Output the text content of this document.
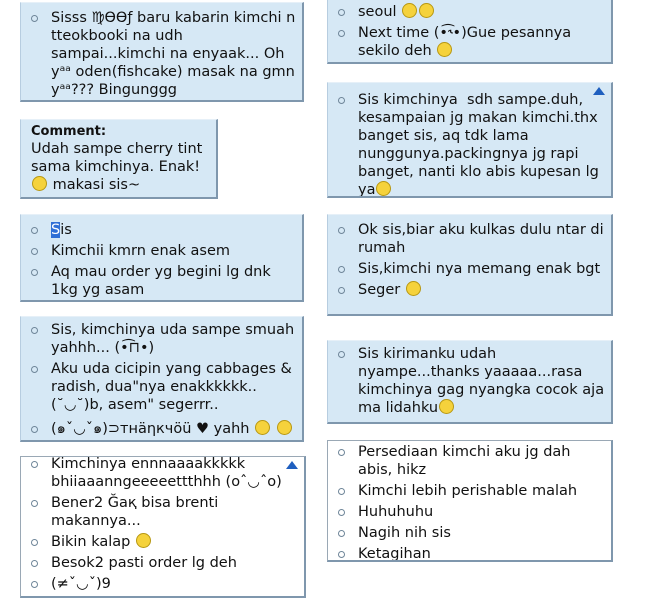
Sisss ♍ӨӨƒ baru kabarin kimchi n tteokbooki na udh sampai...kimchi na enyaak... Oh yᵃᵃ oden(fishcake) masak na gmn yᵃᵃ??? Bingunggg
seoul
Next time (•͡˞•)Gue pesannya sekilo deh
Comment:
Udah sampe cherry tint sama kimchinya. Enak!
makasi sis~
Sis kimchinya  sdh sampe.duh, kesampaian jg makan kimchi.thx banget sis, aq tdk lama nunggunya.packingnya jg rapi banget, nanti klo abis kupesan lg ya
Sis
Kimchii kmrn enak asem
Aq mau order yg begini lg dnk 1kg yg asam
Ok sis,biar aku kulkas dulu ntar di rumah
Sis,kimchi nya memang enak bgt
Seger
Sis, kimchinya uda sampe smuah yahhh... (•͡⊓•)
Aku uda cicipin yang cabbages & radish, dua"nya enakkkkkk.. (˘◡˘)b, asem" segerrr..
(๑ˇ◡ˇ๑)⊃тнäηкчöü ♥ yahh
Sis kirimanku udah nyampe...thanks yaaaaa...rasa kimchinya gag nyangka cocok aja ma lidahku
Kimchinya ennnaaaakkkkk bhiiaaanngeeeeettthhh (oˆ◡ˆo)
Bener2 Ğақ bisa brenti makannya...
Bikin kalap
Besok2 pasti order lg deh
(≠ˇ◡ˇ)9
Persediaan kimchi aku jg dah abis, hikz
Kimchi lebih perishable malah
Huhuhuhu
Nagih nih sis
Ketagihan
